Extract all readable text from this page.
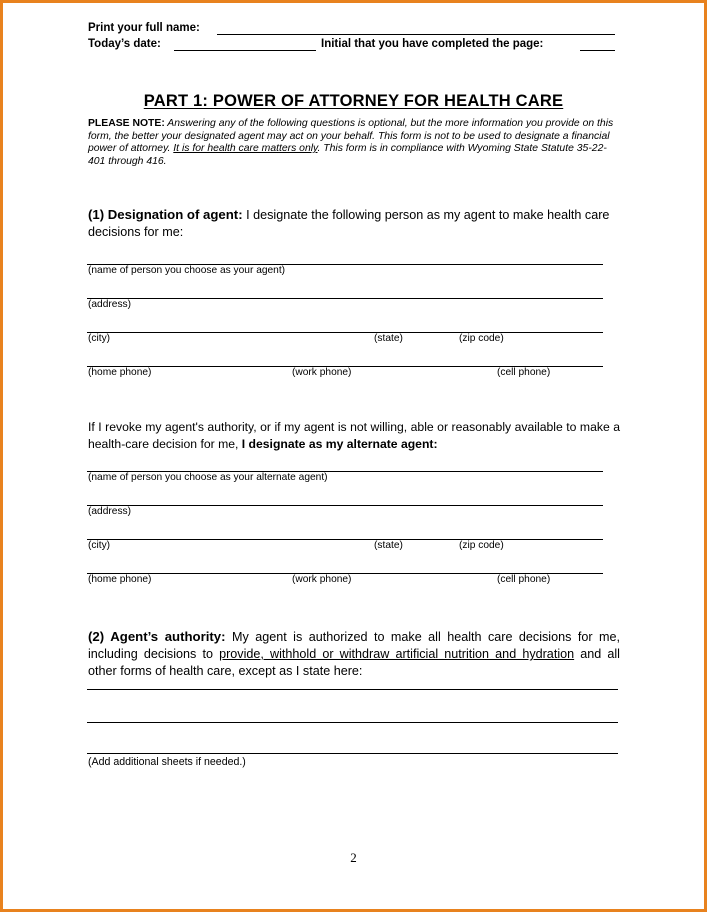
Print your full name:
Today’s date:	Initial that you have completed the page:
PART 1: POWER OF ATTORNEY FOR HEALTH CARE
PLEASE NOTE: Answering any of the following questions is optional, but the more information you provide on this form, the better your designated agent may act on your behalf. This form is not to be used to designate a financial power of attorney. It is for health care matters only. This form is in compliance with Wyoming State Statute 35-22-401 through 416.
(1) Designation of agent: I designate the following person as my agent to make health care decisions for me:
(name of person you choose as your agent)
(address)
(city)	(state)	(zip code)
(home phone)	(work phone)	(cell phone)
If I revoke my agent's authority, or if my agent is not willing, able or reasonably available to make a health-care decision for me, I designate as my alternate agent:
(name of person you choose as your alternate agent)
(address)
(city)	(state)	(zip code)
(home phone)	(work phone)	(cell phone)
(2) Agent’s authority: My agent is authorized to make all health care decisions for me, including decisions to provide, withhold or withdraw artificial nutrition and hydration and all other forms of health care, except as I state here:
(Add additional sheets if needed.)
2
